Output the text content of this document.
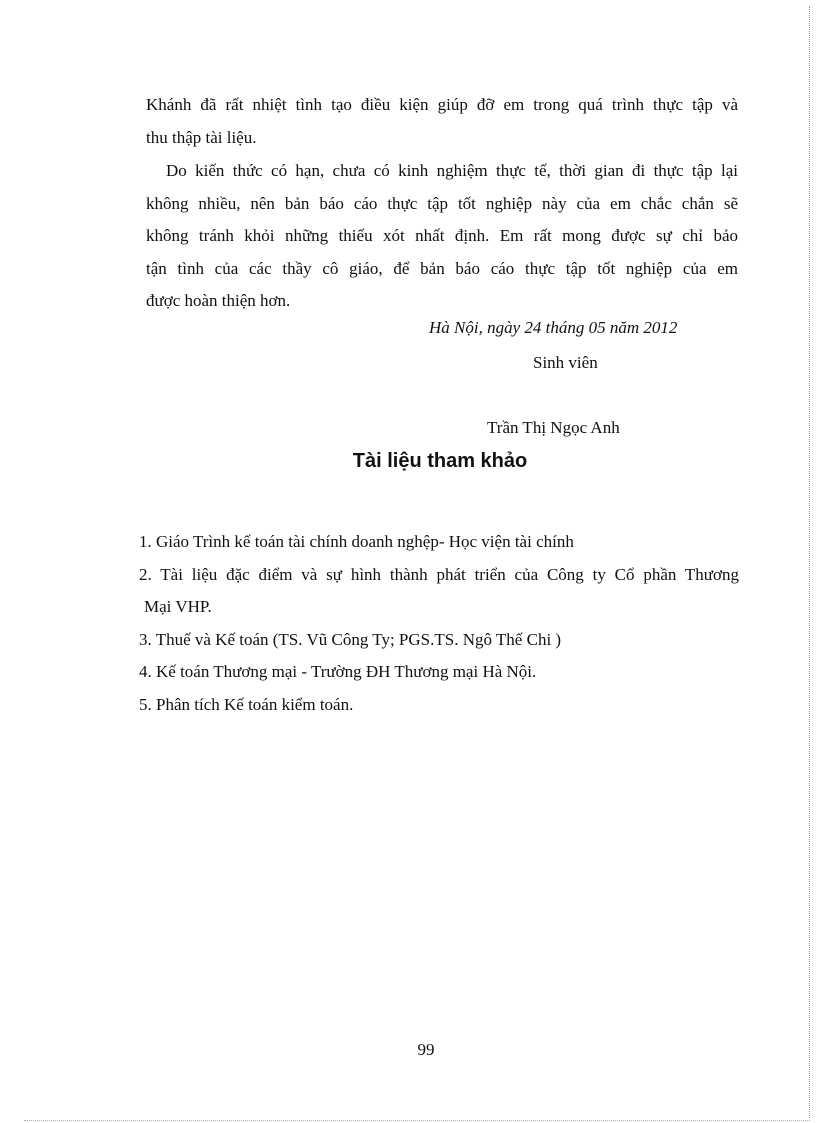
Khánh đã rất nhiệt tình tạo điều kiện giúp đỡ em trong quá trình thực tập và
thu thập tài liệu.

Do kiến thức có hạn, chưa có kinh nghiệm thực tế, thời gian đi thực tập lại
không nhiều, nên bản báo cáo thực tập tốt nghiệp này của em chắc chắn sẽ
không tránh khỏi những thiếu xót nhất định. Em rất mong được sự chỉ bảo
tận tình của các thầy cô giáo, để bản báo cáo thực tập tốt nghiệp của em
được hoàn thiện hơn.

Hà Nội, ngày 24 tháng 05 năm 2012
Sinh viên
Trần Thị Ngọc Anh
Tài liệu tham khảo
1. Giáo Trình kế toán tài chính doanh nghệp- Học viện tài chính
2. Tài liệu đặc điểm và sự hình thành phát triển của Công ty Cổ phần Thương
Mại VHP.
3. Thuế và Kế toán (TS. Vũ Công Ty; PGS.TS. Ngô Thế Chi )
4. Kế toán Thương mại - Trường ĐH Thương mại Hà Nội.
5. Phân tích Kế toán kiểm toán.
99
